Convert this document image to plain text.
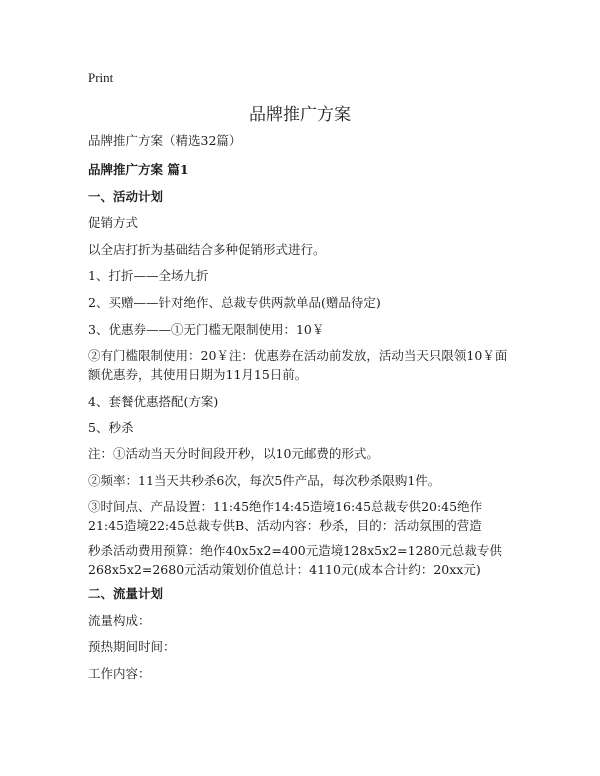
Print
品牌推广方案
品牌推广方案（精选32篇）
品牌推广方案 篇1
一、活动计划
促销方式
以全店打折为基础结合多种促销形式进行。
1、打折——全场九折
2、买赠——针对绝作、总裁专供两款单品(赠品待定)
3、优惠券——①无门槛无限制使用：10￥
②有门槛限制使用：20￥注：优惠券在活动前发放，活动当天只限领10￥面额优惠券，其使用日期为11月15日前。
4、套餐优惠搭配(方案)
5、秒杀
注：①活动当天分时间段开秒，以10元邮费的形式。
②频率：11当天共秒杀6次，每次5件产品，每次秒杀限购1件。
③时间点、产品设置：11:45绝作14:45造境16:45总裁专供20:45绝作21:45造境22:45总裁专供B、活动内容：秒杀，目的：活动氛围的营造
秒杀活动费用预算：绝作40x5x2=400元造境128x5x2=1280元总裁专供268x5x2=2680元活动策划价值总计：4110元(成本合计约：20xx元)
二、流量计划
流量构成：
预热期间时间：
工作内容：
